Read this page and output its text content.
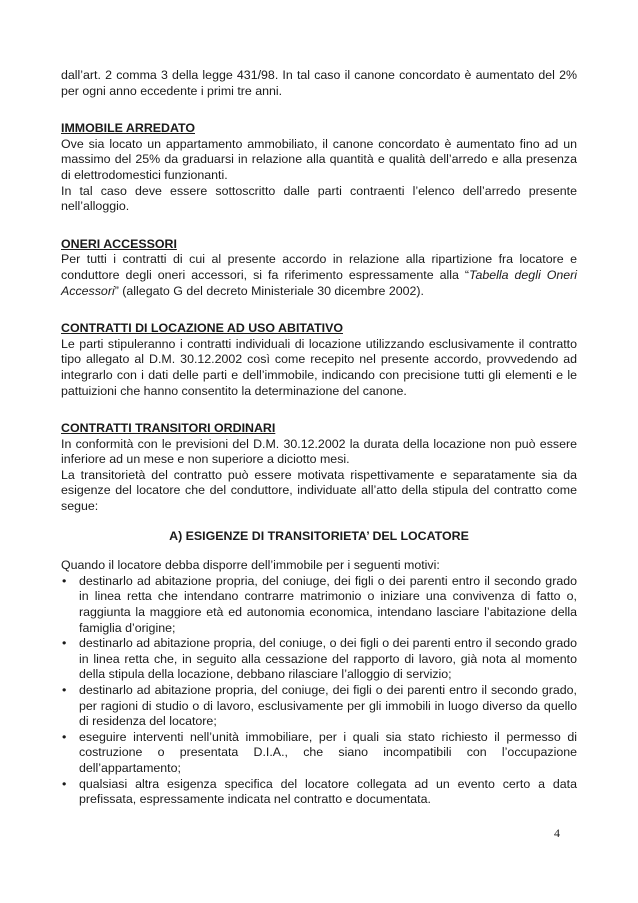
dall’art. 2 comma 3 della legge 431/98. In tal caso il canone concordato è aumentato del 2% per ogni anno eccedente i primi tre anni.

IMMOBILE ARREDATO

Ove sia locato un appartamento ammobiliato, il canone concordato è aumentato fino ad un massimo del 25% da graduarsi in relazione alla quantità e qualità dell’arredo e alla presenza di elettrodomestici funzionanti.

In tal caso deve essere sottoscritto dalle parti contraenti l’elenco dell’arredo presente nell’alloggio.

ONERI ACCESSORI

Per tutti i contratti di cui al presente accordo in relazione alla ripartizione fra locatore e conduttore degli oneri accessori, si fa riferimento espressamente alla “Tabella degli Oneri Accessori” (allegato G del decreto Ministeriale 30 dicembre 2002).

CONTRATTI DI LOCAZIONE AD USO ABITATIVO

Le parti stipuleranno i contratti individuali di locazione utilizzando esclusivamente il contratto tipo allegato al D.M. 30.12.2002 così come recepito nel presente accordo, provvedendo ad integrarlo con i dati delle parti e dell’immobile, indicando con precisione tutti gli elementi e le pattuizioni che hanno consentito la determinazione del canone.

CONTRATTI TRANSITORI ORDINARI

In conformità con le previsioni del D.M. 30.12.2002 la durata della locazione non può essere inferiore ad un mese e non superiore a diciotto mesi.

La transitorietà del contratto può essere motivata rispettivamente e separatamente sia da esigenze del locatore che del conduttore, individuate all’atto della stipula del contratto come segue:

A) ESIGENZE DI TRANSITORIETA’ DEL LOCATORE

Quando il locatore debba disporre dell’immobile per i seguenti motivi:

• destinarlo ad abitazione propria, del coniuge, dei figli o dei parenti entro il secondo grado in linea retta che intendano contrarre matrimonio o iniziare una convivenza di fatto o, raggiunta la maggiore età ed autonomia economica, intendano lasciare l’abitazione della famiglia d’origine;
• destinarlo ad abitazione propria, del coniuge, o dei figli o dei parenti entro il secondo grado in linea retta che, in seguito alla cessazione del rapporto di lavoro, già nota al momento della stipula della locazione, debbano rilasciare l’alloggio di servizio;
• destinarlo ad abitazione propria, del coniuge, dei figli o dei parenti entro il secondo grado, per ragioni di studio o di lavoro, esclusivamente per gli immobili in luogo diverso da quello di residenza del locatore;
• eseguire interventi nell’unità immobiliare, per i quali sia stato richiesto il permesso di costruzione o presentata D.I.A., che siano incompatibili con l’occupazione dell’appartamento;
• qualsiasi altra esigenza specifica del locatore collegata ad un evento certo a data prefissata, espressamente indicata nel contratto e documentata.
4
